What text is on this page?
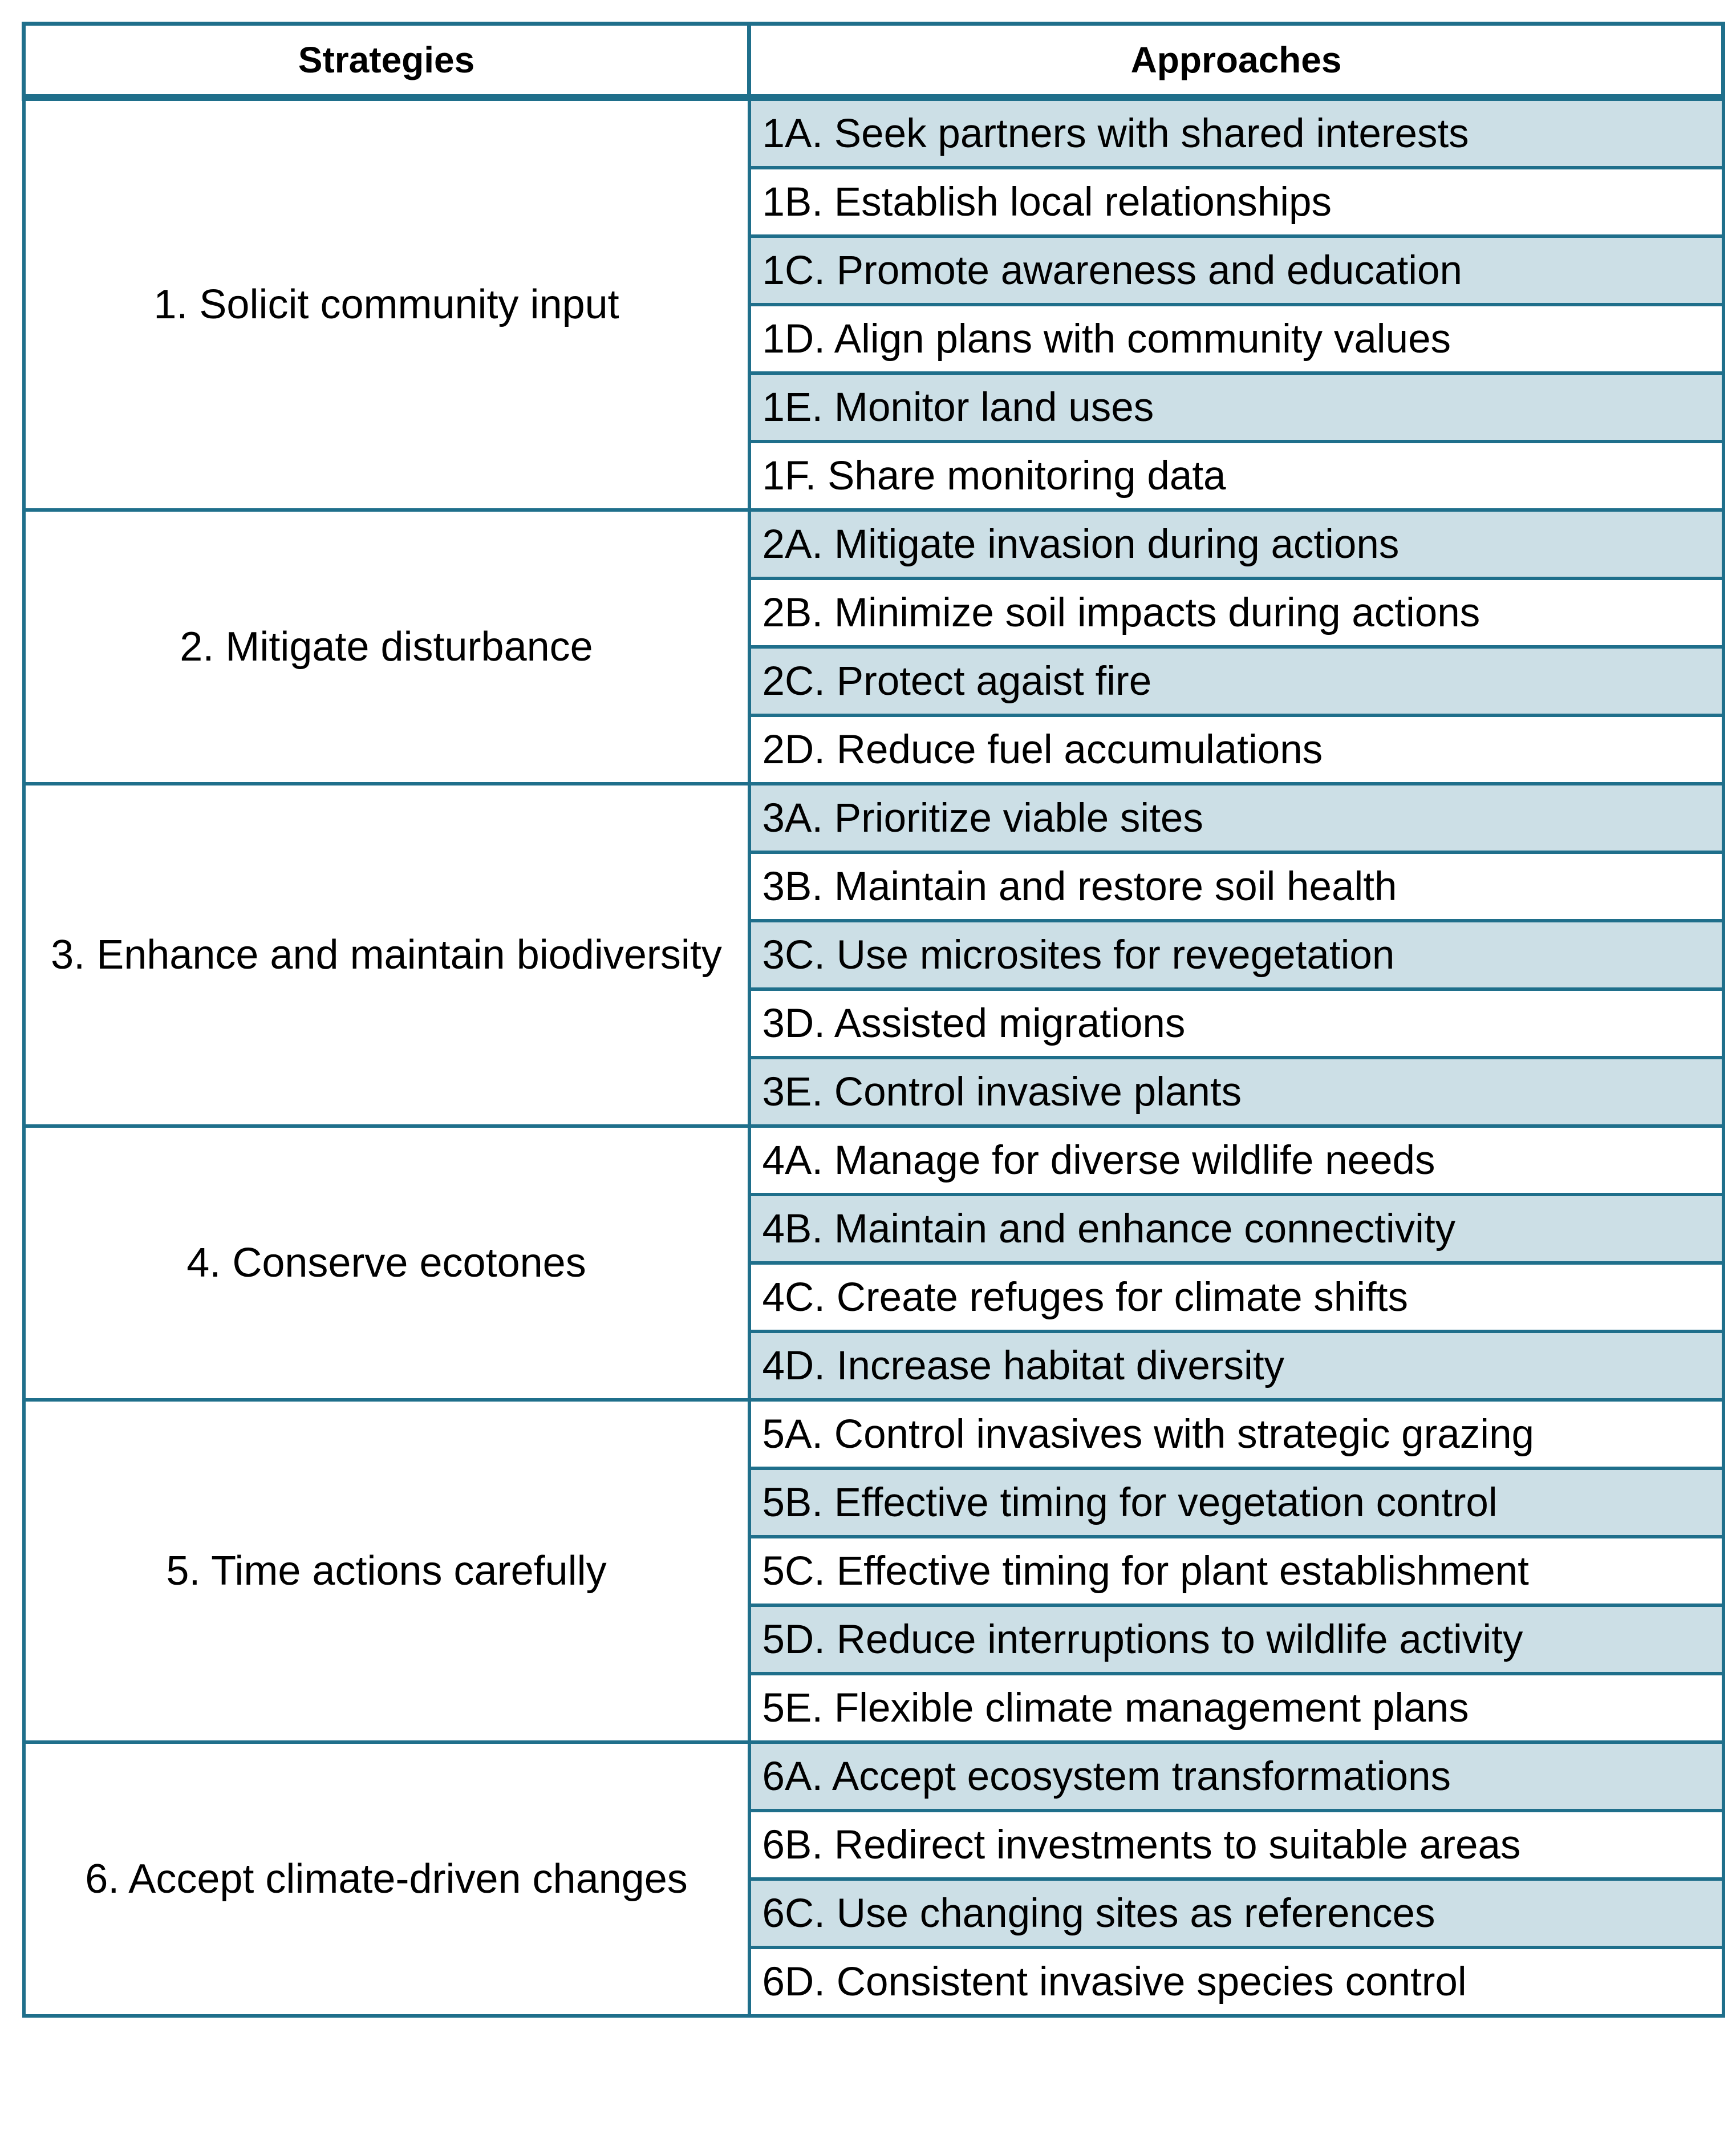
Strategies	Approaches
1. Solicit community input	1A. Seek partners with shared interests
	1B. Establish local relationships
	1C. Promote awareness and education
	1D. Align plans with community values
	1E. Monitor land uses
	1F. Share monitoring data
2. Mitigate disturbance	2A. Mitigate invasion during actions
	2B. Minimize soil impacts during actions
	2C. Protect agaist fire
	2D. Reduce fuel accumulations
3. Enhance and maintain biodiversity	3A. Prioritize viable sites
	3B. Maintain and restore soil health
	3C. Use microsites for revegetation
	3D. Assisted migrations
	3E. Control invasive plants
4. Conserve ecotones	4A. Manage for diverse wildlife needs
	4B. Maintain and enhance connectivity
	4C. Create refuges for climate shifts
	4D. Increase habitat diversity
5. Time actions carefully	5A. Control invasives with strategic grazing
	5B. Effective timing for vegetation control
	5C. Effective timing for plant establishment
	5D. Reduce interruptions to wildlife activity
	5E. Flexible climate management plans
6. Accept climate-driven changes	6A. Accept ecosystem transformations
	6B. Redirect investments to suitable areas
	6C. Use changing sites as references
	6D. Consistent invasive species control
